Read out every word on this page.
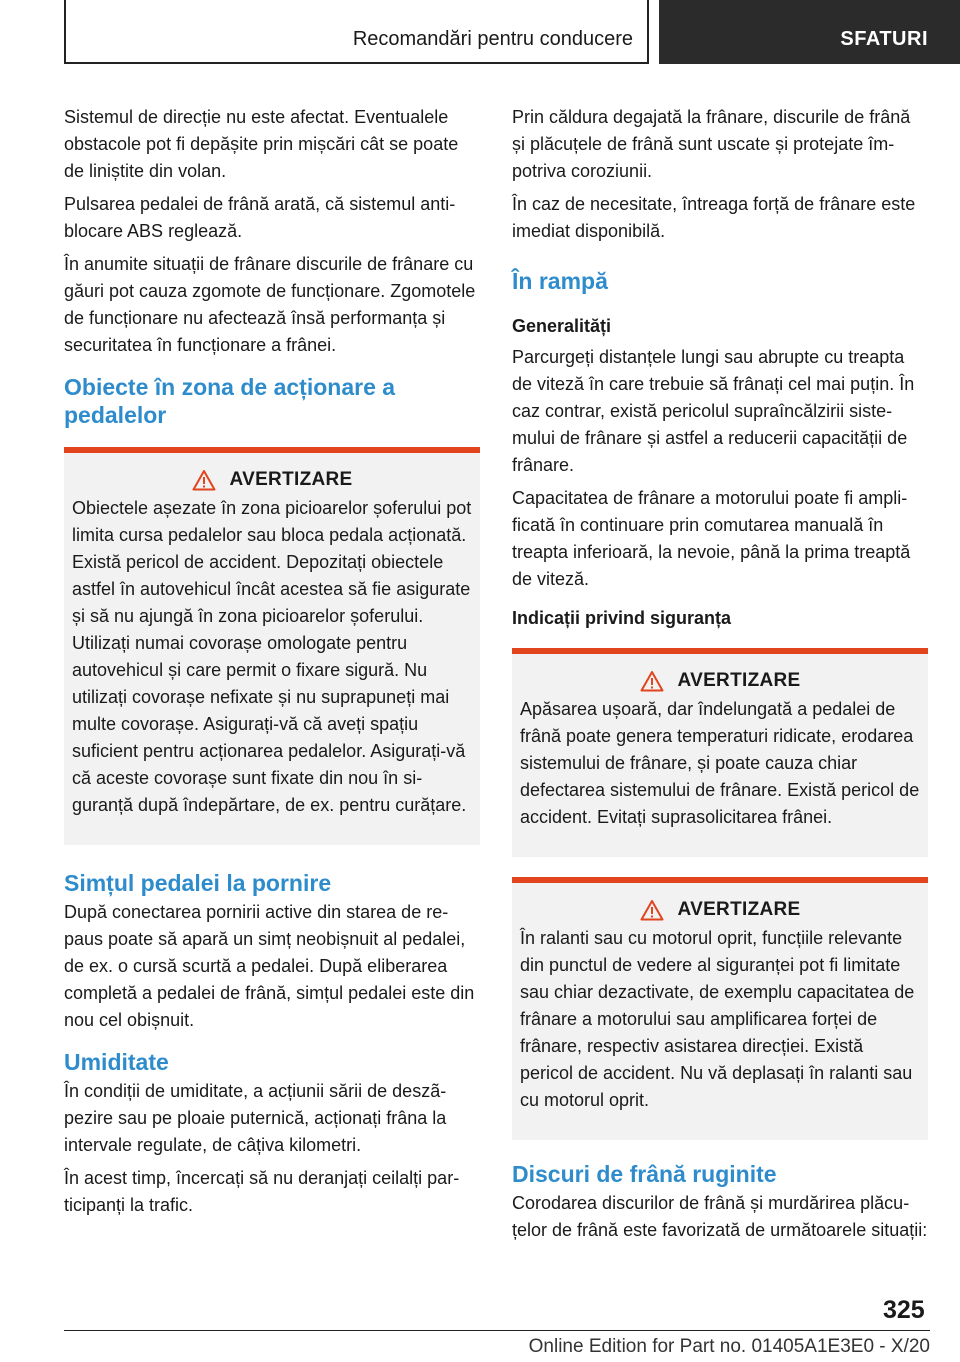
Recomandări pentru conducere	SFATURI

Sistemul de direcție nu este afectat. Eventualele obstacole pot fi depășite prin mișcări cât se poate de liniștite din volan.

Pulsarea pedalei de frână arată, că sistemul antiblocare ABS reglează.

În anumite situații de frânare discurile de frânare cu găuri pot cauza zgomote de funcționare. Zgomotele de funcționare nu afectează însă performanța și securitatea în funcționare a frânei.

Obiecte în zona de acționare a pedalelor
AVERTIZARE

Obiectele așezate în zona picioarelor șoferului pot limita cursa pedalelor sau bloca pedala acționată. Există pericol de accident. Depozitați obiectele astfel în autovehicul încât acestea să fie asigurate și să nu ajungă în zona picioarelor șoferului. Utilizați numai covorașe omologate pentru autovehicul și care permit o fixare sigură. Nu utilizați covorașe nefixate și nu suprapuneți mai multe covorașe. Asigurați-vă că aveți spațiu suficient pentru acționarea pedalelor. Asigurați-vă că aceste covorașe sunt fixate din nou în siguranță după îndepărtare, de ex. pentru curățare.

Simțul pedalei la pornire

După conectarea pornirii active din starea de repaus poate să apară un simț neobișnuit al pedalei, de ex. o cursă scurtă a pedalei. După eliberarea completă a pedalei de frână, simțul pedalei este din nou cel obișnuit.

Umiditate

În condiții de umiditate, a acțiunii sării de deszãpezire sau pe ploaie puternică, acționați frâna la intervale regulate, de câțiva kilometri.

În acest timp, încercați să nu deranjați ceilalți participanți la trafic.

Prin căldura degajată la frânare, discurile de frână și plăcuțele de frână sunt uscate și protejate împotriva coroziunii.

În caz de necesitate, întreaga forță de frânare este imediat disponibilă.

În rampă
Generalități

Parcurgeți distanțele lungi sau abrupte cu treapta de viteză în care trebuie să frânați cel mai puțin. În caz contrar, există pericolul supraîncălzirii sistemului de frânare și astfel a reducerii capacității de frânare.

Capacitatea de frânare a motorului poate fi amplificată în continuare prin comutarea manuală în treapta inferioară, la nevoie, până la prima treaptă de viteză.

Indicații privind siguranța
AVERTIZARE

Apăsarea ușoară, dar îndelungată a pedalei de frână poate genera temperaturi ridicate, erodarea sistemului de frânare, și poate cauza chiar defectarea sistemului de frânare. Există pericol de accident. Evitați suprasolicitarea frânei.

AVERTIZARE

În ralanti sau cu motorul oprit, funcțiile relevante din punctul de vedere al siguranței pot fi limitate sau chiar dezactivate, de exemplu capacitatea de frânare a motorului sau amplificarea forței de frânare, respectiv asistarea direcției. Există pericol de accident. Nu vă deplasați în ralanti sau cu motorul oprit.

Discuri de frână ruginite

Corodarea discurilor de frână și murdărirea plăcuțelor de frână este favorizată de următoarele situații:

325
Online Edition for Part no. 01405A1E3E0 - X/20
